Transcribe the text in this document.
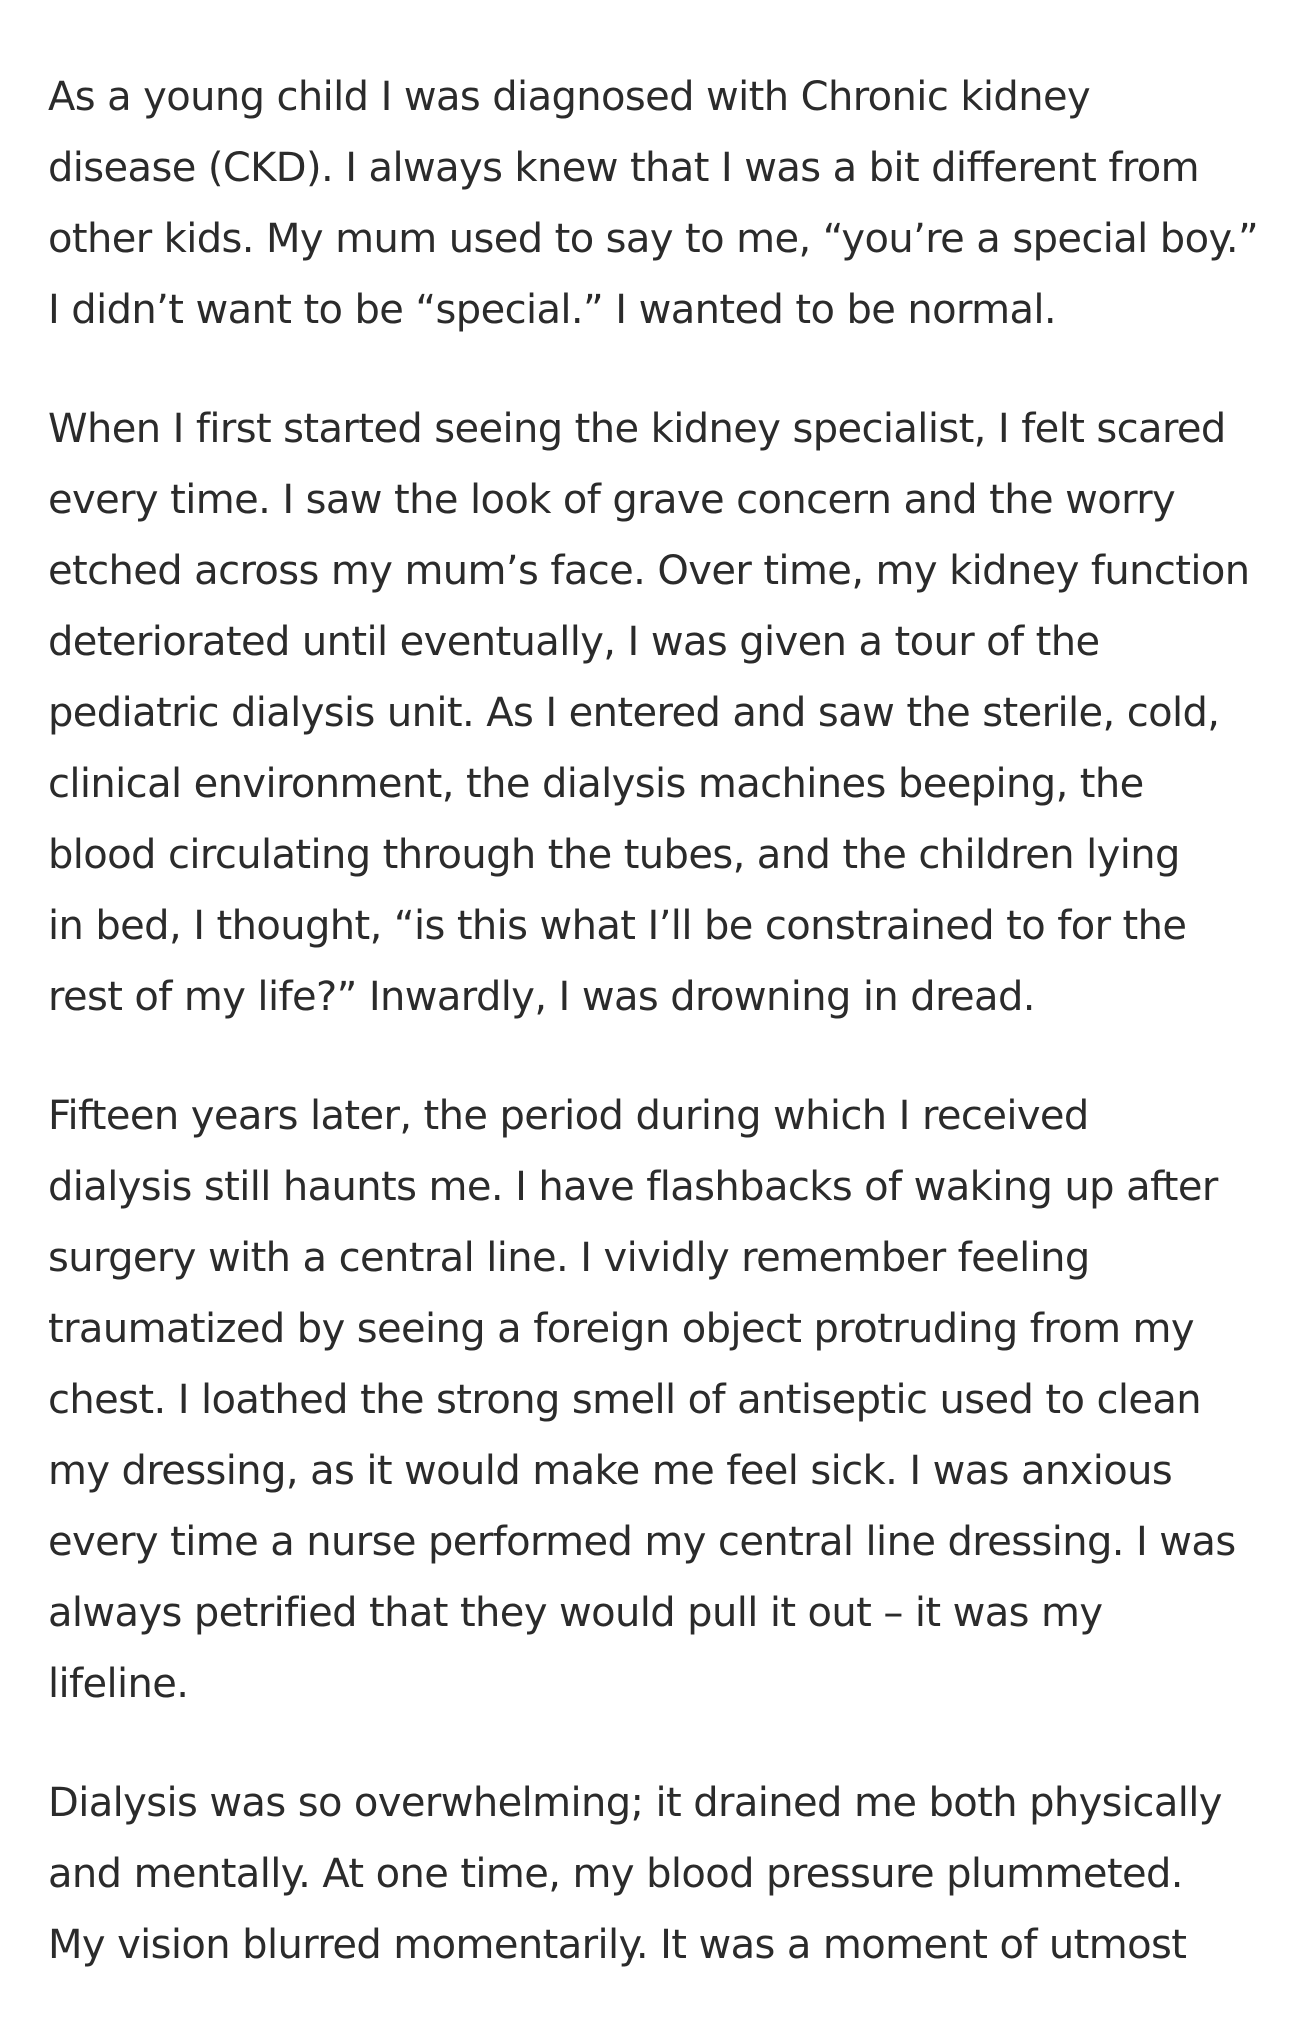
As a young child I was diagnosed with Chronic kidney
disease (CKD). I always knew that I was a bit different from
other kids. My mum used to say to me, “you’re a special boy.”
I didn’t want to be “special.” I wanted to be normal.

When I first started seeing the kidney specialist, I felt scared
every time. I saw the look of grave concern and the worry
etched across my mum’s face. Over time, my kidney function
deteriorated until eventually, I was given a tour of the
pediatric dialysis unit. As I entered and saw the sterile, cold,
clinical environment, the dialysis machines beeping, the
blood circulating through the tubes, and the children lying
in bed, I thought, “is this what I’ll be constrained to for the
rest of my life?” Inwardly, I was drowning in dread.

Fifteen years later, the period during which I received
dialysis still haunts me. I have flashbacks of waking up after
surgery with a central line. I vividly remember feeling
traumatized by seeing a foreign object protruding from my
chest. I loathed the strong smell of antiseptic used to clean
my dressing, as it would make me feel sick. I was anxious
every time a nurse performed my central line dressing. I was
always petrified that they would pull it out – it was my
lifeline.

Dialysis was so overwhelming; it drained me both physically
and mentally. At one time, my blood pressure plummeted.
My vision blurred momentarily. It was a moment of utmost
